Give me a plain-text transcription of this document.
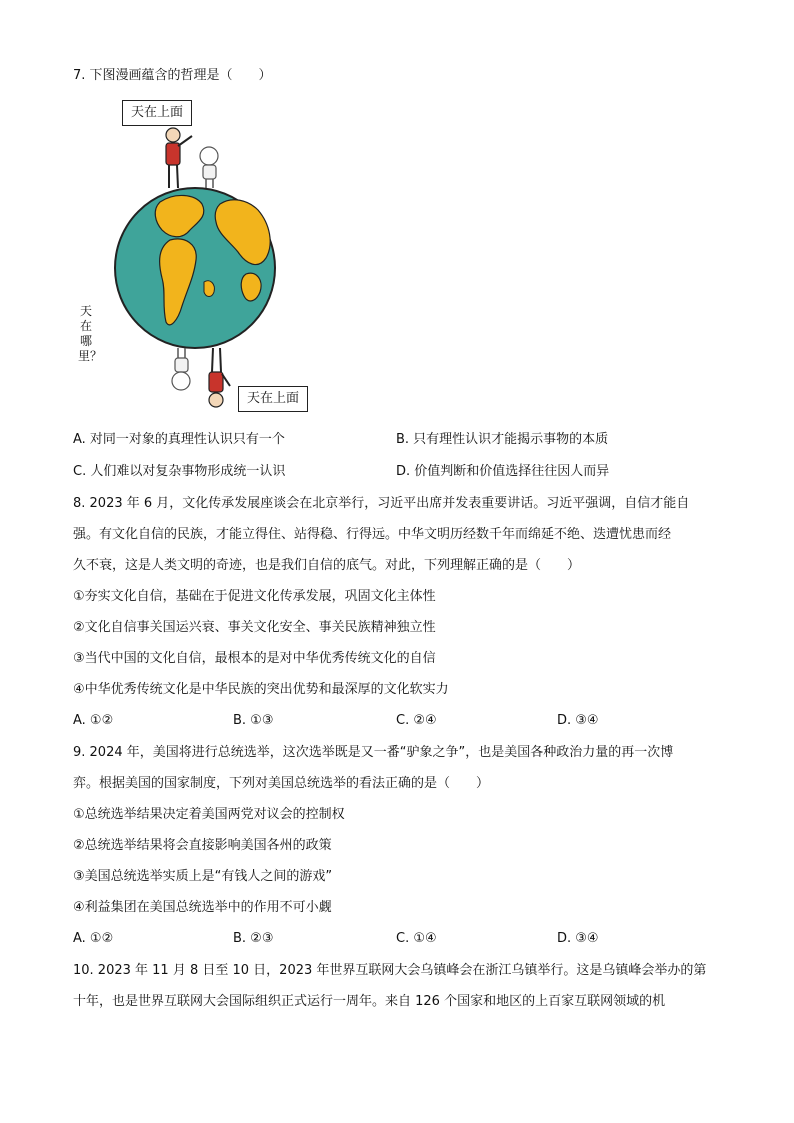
7. 下图漫画蕴含的哲理是（　　）
天在上面
天在上面
天在哪里？
A. 对同一对象的真理性认识只有一个	B. 只有理性认识才能揭示事物的本质
C. 人们难以对复杂事物形成统一认识	D. 价值判断和价值选择往往因人而异
8. 2023 年 6 月，文化传承发展座谈会在北京举行，习近平出席并发表重要讲话。习近平强调，自信才能自
强。有文化自信的民族，才能立得住、站得稳、行得远。中华文明历经数千年而绵延不绝、迭遭忧患而经
久不衰，这是人类文明的奇迹，也是我们自信的底气。对此，下列理解正确的是（　　）
①夯实文化自信，基础在于促进文化传承发展，巩固文化主体性
②文化自信事关国运兴衰、事关文化安全、事关民族精神独立性
③当代中国的文化自信，最根本的是对中华优秀传统文化的自信
④中华优秀传统文化是中华民族的突出优势和最深厚的文化软实力
A. ①②	B. ①③	C. ②④	D. ③④
9. 2024 年，美国将进行总统选举，这次选举既是又一番“驴象之争”，也是美国各种政治力量的再一次博
弈。根据美国的国家制度，下列对美国总统选举的看法正确的是（　　）
①总统选举结果决定着美国两党对议会的控制权
②总统选举结果将会直接影响美国各州的政策
③美国总统选举实质上是“有钱人之间的游戏”
④利益集团在美国总统选举中的作用不可小觑
A. ①②	B. ②③	C. ①④	D. ③④
10. 2023 年 11 月 8 日至 10 日，2023 年世界互联网大会乌镇峰会在浙江乌镇举行。这是乌镇峰会举办的第
十年，也是世界互联网大会国际组织正式运行一周年。来自 126 个国家和地区的上百家互联网领域的机
